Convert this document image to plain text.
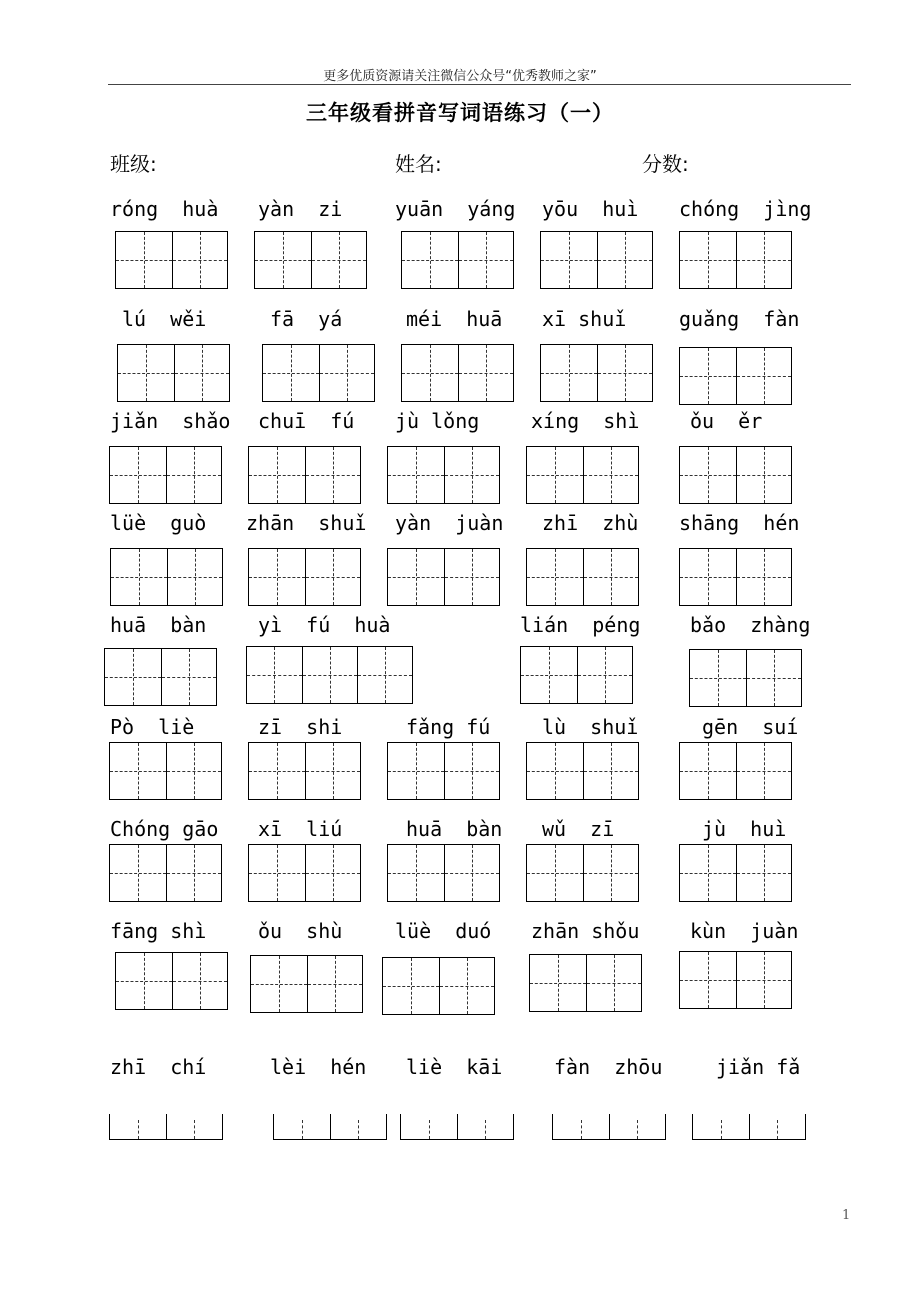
更多优质资源请关注微信公众号“优秀教师之家”
三年级看拼音写词语练习（一）
班级:	姓名:	分数:
róng  huà yàn  zi	yuān  yáng yōu  huì chóng  jìng
lú  wěi	fā  yá	méi  huā xī shuǐ	guǎng  fàn
jiǎn  shǎo chuī  fú jù lǒng	xíng  shì	ǒu  ěr
lüè  guò zhān  shuǐ yàn  juàn zhī  zhù shāng  hén
huā  bàn	yì  fú  huà	lián  péng bǎo  zhàng
Pò  liè	zī  shi	fǎng fú	lù  shuǐ	gēn  suí
Chóng gāo xī  liú	huā  bàn wǔ  zī	jù  huì
fāng shì	ǒu  shù	lüè  duó zhān shǒu	kùn  juàn
zhī  chí	lèi  hén liè  kāi	fàn  zhōu	jiǎn fǎ
1
